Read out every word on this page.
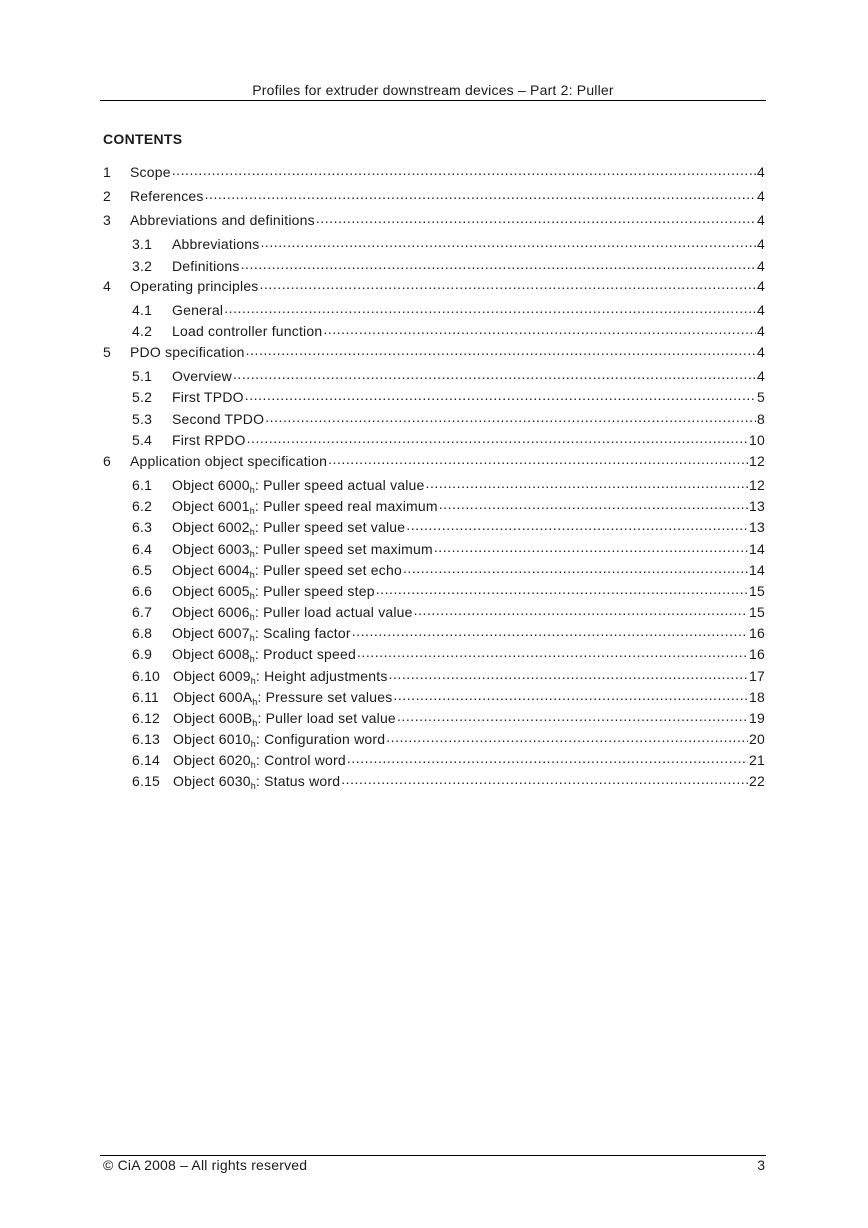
Profiles for extruder downstream devices – Part 2: Puller
CONTENTS
1	Scope .....	4
2	References .....	4
3	Abbreviations and definitions .....	4
3.1	Abbreviations .....	4
3.2	Definitions .....	4
4	Operating principles .....	4
4.1	General .....	4
4.2	Load controller function .....	4
5	PDO specification .....	4
5.1	Overview .....	4
5.2	First TPDO .....	5
5.3	Second TPDO .....	8
5.4	First RPDO .....	10
6	Application object specification .....	12
6.1	Object $6000_h$: Puller speed actual value .....	12
6.2	Object $6001_h$: Puller speed real maximum .....	13
6.3	Object $6002_h$: Puller speed set value .....	13
6.4	Object $6003_h$: Puller speed set maximum .....	14
6.5	Object $6004_h$: Puller speed set echo .....	14
6.6	Object $6005_h$: Puller speed step .....	15
6.7	Object $6006_h$: Puller load actual value .....	15
6.8	Object $6007_h$: Scaling factor .....	16
6.9	Object $6008_h$: Product speed .....	16
6.10 Object $6009_h$: Height adjustments .....	17
6.11 Object $600A_h$: Pressure set values .....	18
6.12 Object $600B_h$: Puller load set value .....	19
6.13 Object $6010_h$: Configuration word .....	20
6.14 Object $6020_h$: Control word .....	21
6.15 Object $6030_h$: Status word .....	22
© CiA 2008 – All rights reserved	3
